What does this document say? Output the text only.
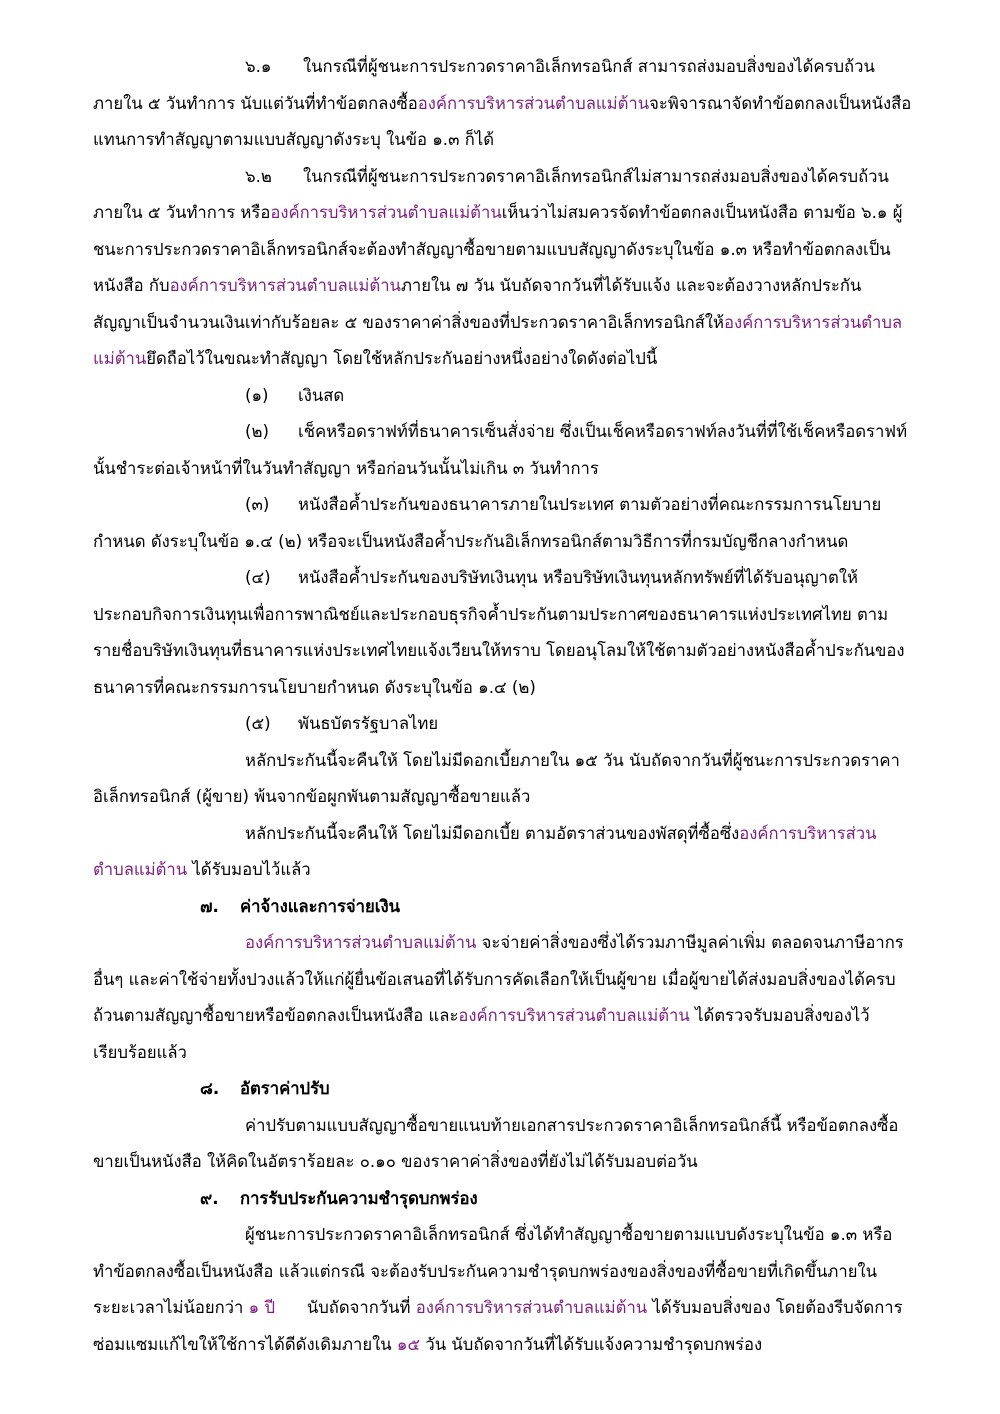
๖.๑ ในกรณีที่ผู้ชนะการประกวดราคาอิเล็กทรอนิกส์ สามารถส่งมอบสิ่งของได้ครบถ้วน
ภายใน ๕ วันทำการ นับแต่วันที่ทำข้อตกลงซื้อองค์การบริหารส่วนตำบลแม่ต้านจะพิจารณาจัดทำข้อตกลงเป็นหนังสือ
แทนการทำสัญญาตามแบบสัญญาดังระบุ ในข้อ ๑.๓ ก็ได้
๖.๒ ในกรณีที่ผู้ชนะการประกวดราคาอิเล็กทรอนิกส์ไม่สามารถส่งมอบสิ่งของได้ครบถ้วน
ภายใน ๕ วันทำการ หรือองค์การบริหารส่วนตำบลแม่ต้านเห็นว่าไม่สมควรจัดทำข้อตกลงเป็นหนังสือ ตามข้อ ๖.๑ ผู้
ชนะการประกวดราคาอิเล็กทรอนิกส์จะต้องทำสัญญาซื้อขายตามแบบสัญญาดังระบุในข้อ ๑.๓ หรือทำข้อตกลงเป็น
หนังสือ กับองค์การบริหารส่วนตำบลแม่ต้านภายใน ๗ วัน นับถัดจากวันที่ได้รับแจ้ง และจะต้องวางหลักประกัน
สัญญาเป็นจำนวนเงินเท่ากับร้อยละ ๕ ของราคาค่าสิ่งของที่ประกวดราคาอิเล็กทรอนิกส์ให้องค์การบริหารส่วนตำบล
แม่ต้านยึดถือไว้ในขณะทำสัญญา โดยใช้หลักประกันอย่างหนึ่งอย่างใดดังต่อไปนี้
(๑) เงินสด
(๒) เช็คหรือดราฟท์ที่ธนาคารเซ็นสั่งจ่าย ซึ่งเป็นเช็คหรือดราฟท์ลงวันที่ที่ใช้เช็คหรือดราฟท์
นั้นชำระต่อเจ้าหน้าที่ในวันทำสัญญา หรือก่อนวันนั้นไม่เกิน ๓ วันทำการ
(๓) หนังสือค้ำประกันของธนาคารภายในประเทศ ตามตัวอย่างที่คณะกรรมการนโยบาย
กำหนด ดังระบุในข้อ ๑.๔ (๒) หรือจะเป็นหนังสือค้ำประกันอิเล็กทรอนิกส์ตามวิธีการที่กรมบัญชีกลางกำหนด
(๔) หนังสือค้ำประกันของบริษัทเงินทุน หรือบริษัทเงินทุนหลักทรัพย์ที่ได้รับอนุญาตให้
ประกอบกิจการเงินทุนเพื่อการพาณิชย์และประกอบธุรกิจค้ำประกันตามประกาศของธนาคารแห่งประเทศไทย ตาม
รายชื่อบริษัทเงินทุนที่ธนาคารแห่งประเทศไทยแจ้งเวียนให้ทราบ โดยอนุโลมให้ใช้ตามตัวอย่างหนังสือค้ำประกันของ
ธนาคารที่คณะกรรมการนโยบายกำหนด ดังระบุในข้อ ๑.๔ (๒)
(๕) พันธบัตรรัฐบาลไทย
หลักประกันนี้จะคืนให้ โดยไม่มีดอกเบี้ยภายใน ๑๕ วัน นับถัดจากวันที่ผู้ชนะการประกวดราคา
อิเล็กทรอนิกส์ (ผู้ขาย) พ้นจากข้อผูกพันตามสัญญาซื้อขายแล้ว
หลักประกันนี้จะคืนให้ โดยไม่มีดอกเบี้ย ตามอัตราส่วนของพัสดุที่ซื้อซึ่งองค์การบริหารส่วน
ตำบลแม่ต้าน ได้รับมอบไว้แล้ว
๗. ค่าจ้างและการจ่ายเงิน
องค์การบริหารส่วนตำบลแม่ต้าน จะจ่ายค่าสิ่งของซึ่งได้รวมภาษีมูลค่าเพิ่ม ตลอดจนภาษีอากร
อื่นๆ และค่าใช้จ่ายทั้งปวงแล้วให้แก่ผู้ยื่นข้อเสนอที่ได้รับการคัดเลือกให้เป็นผู้ขาย เมื่อผู้ขายได้ส่งมอบสิ่งของได้ครบ
ถ้วนตามสัญญาซื้อขายหรือข้อตกลงเป็นหนังสือ และองค์การบริหารส่วนตำบลแม่ต้าน ได้ตรวจรับมอบสิ่งของไว้
เรียบร้อยแล้ว
๘. อัตราค่าปรับ
ค่าปรับตามแบบสัญญาซื้อขายแนบท้ายเอกสารประกวดราคาอิเล็กทรอนิกส์นี้ หรือข้อตกลงซื้อ
ขายเป็นหนังสือ ให้คิดในอัตราร้อยละ ๐.๑๐ ของราคาค่าสิ่งของที่ยังไม่ได้รับมอบต่อวัน
๙. การรับประกันความชำรุดบกพร่อง
ผู้ชนะการประกวดราคาอิเล็กทรอนิกส์ ซึ่งได้ทำสัญญาซื้อขายตามแบบดังระบุในข้อ ๑.๓ หรือ
ทำข้อตกลงซื้อเป็นหนังสือ แล้วแต่กรณี จะต้องรับประกันความชำรุดบกพร่องของสิ่งของที่ซื้อขายที่เกิดขึ้นภายใน
ระยะเวลาไม่น้อยกว่า ๑ ปี      นับถัดจากวันที่ องค์การบริหารส่วนตำบลแม่ต้าน ได้รับมอบสิ่งของ โดยต้องรีบจัดการ
ซ่อมแซมแก้ไขให้ใช้การได้ดีดังเดิมภายใน ๑๕ วัน นับถัดจากวันที่ได้รับแจ้งความชำรุดบกพร่อง
